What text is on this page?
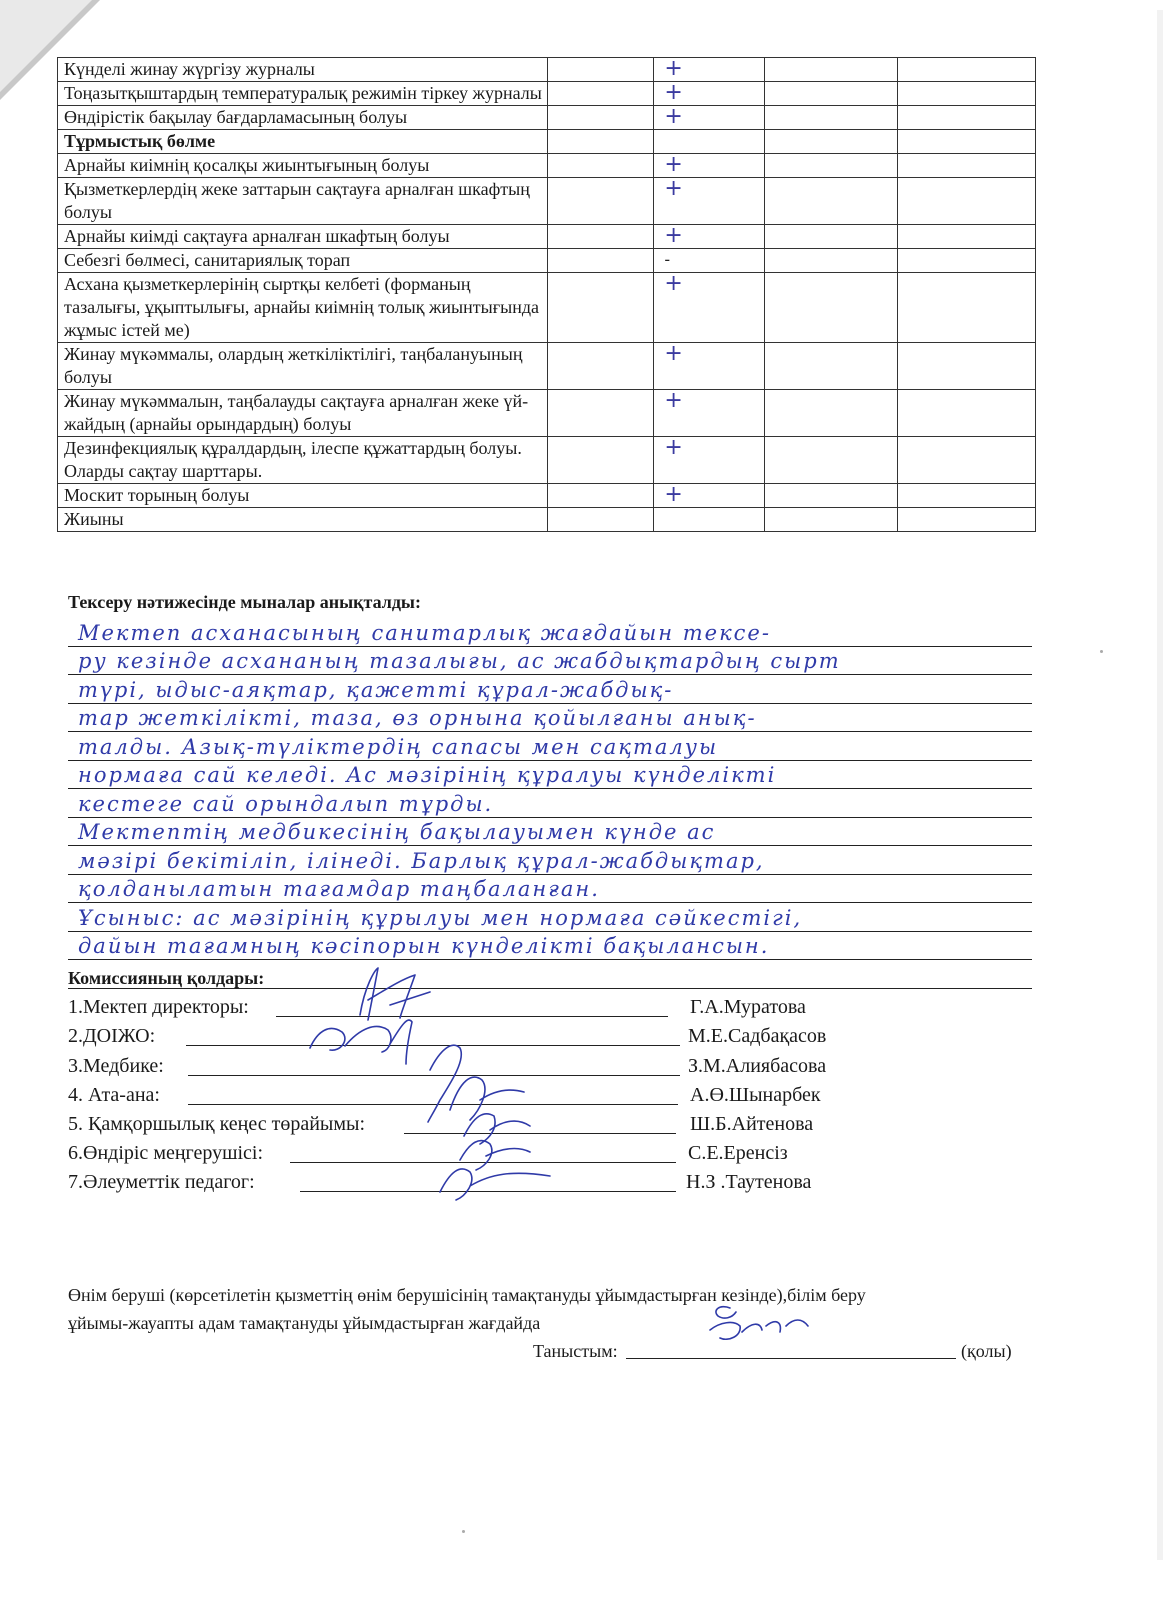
Күнделі жинау жүргізу журналы		+		
Тоңазытқыштардың температуралық режимін тіркеу журналы		+		
Өндірістік бақылау бағдарламасының болуы		+		
Тұрмыстық бөлме				
Арнайы киімнің қосалқы жиынтығының болуы		+		
Қызметкерлердің жеке заттарын сақтауға арналған шкафтың болуы		+		
Арнайы киімді сақтауға арналған шкафтың болуы		+		
Себезгі бөлмесі, санитариялық торап		-		
Асхана қызметкерлерінің сыртқы келбеті (форманың тазалығы, ұқыптылығы, арнайы киімнің толық жиынтығында жұмыс істей ме)		+		
Жинау мүкәммалы, олардың жеткіліктілігі, таңбалануының болуы		+		
Жинау мүкәммалын, таңбалауды сақтауға арналған жеке үй-жайдың (арнайы орындардың) болуы		+		
Дезинфекциялық құралдардың, ілеспе құжаттардың болуы. Оларды сақтау шарттары.		+		
Москит торының болуы		+		
Жиыны				
Тексеру нәтижесінде мыналар анықталды:
Мектеп асханасының санитарлық жағдайын тексе-
ру кезінде асхананың тазалығы, ас жабдықтардың сырт
түрі, ыдыс-аяқтар, қажетті құрал-жабдық-
тар жеткілікті, таза, өз орнына қойылғаны анық-
талды. Азық-түліктердің сапасы мен сақталуы
нормаға сай келеді. Ас мәзірінің құралуы күнделікті
кестеге сай орындалып тұрды.
Мектептің медбикесінің бақылауымен күнде ас
мәзірі бекітіліп, ілінеді. Барлық құрал-жабдықтар,
қолданылатын тағамдар таңбаланған.
Ұсыныс: ас мәзірінің құрылуы мен нормаға сәйкестігі,
дайын тағамның кәсіпорын күнделікті бақылансын.
Комиссияның қолдары:
1.Мектеп директоры:	Г.А.Муратова
2.ДОІЖО:	М.Е.Садбақасов
3.Медбике:	З.М.Алиябасова
4. Ата-ана:	А.Ө.Шынарбек
5. Қамқоршылық кеңес төрайымы:	Ш.Б.Айтенова
6.Өндіріс меңгерушісі:	С.Е.Еренсіз
7.Әлеуметтік педагог:	Н.З .Таутенова
Өнім беруші (көрсетілетін қызметтің өнім берушісінің тамақтануды ұйымдастырған кезінде),білім беру
ұйымы-жауапты адам тамақтануды ұйымдастырған жағдайда
Таныстым:	(қолы)
